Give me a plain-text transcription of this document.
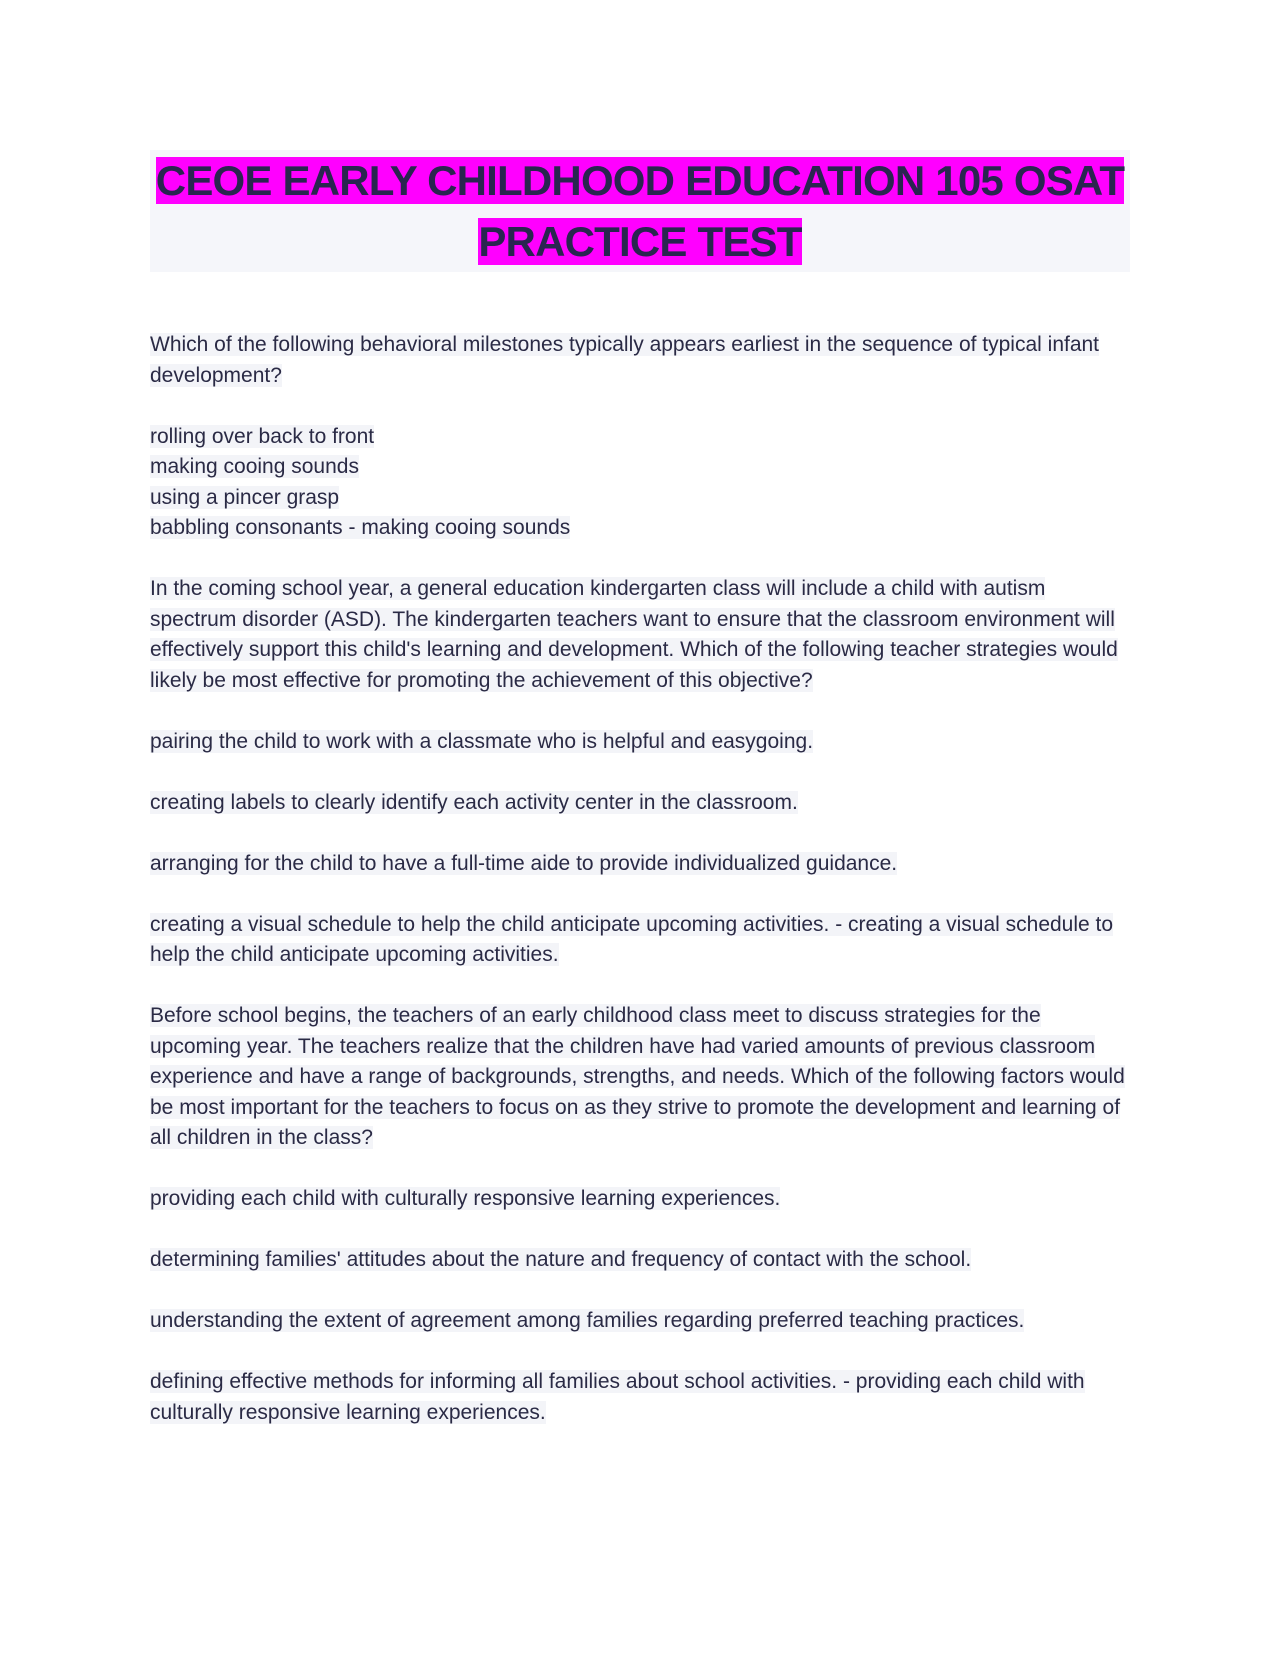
CEOE EARLY CHILDHOOD EDUCATION 105 OSAT PRACTICE TEST

Which of the following behavioral milestones typically appears earliest in the sequence of typical infant development?

rolling over back to front
making cooing sounds
using a pincer grasp
babbling consonants - making cooing sounds

In the coming school year, a general education kindergarten class will include a child with autism spectrum disorder (ASD). The kindergarten teachers want to ensure that the classroom environment will effectively support this child's learning and development. Which of the following teacher strategies would likely be most effective for promoting the achievement of this objective?

pairing the child to work with a classmate who is helpful and easygoing.

creating labels to clearly identify each activity center in the classroom.

arranging for the child to have a full-time aide to provide individualized guidance.

creating a visual schedule to help the child anticipate upcoming activities. - creating a visual schedule to help the child anticipate upcoming activities.

Before school begins, the teachers of an early childhood class meet to discuss strategies for the upcoming year. The teachers realize that the children have had varied amounts of previous classroom experience and have a range of backgrounds, strengths, and needs. Which of the following factors would be most important for the teachers to focus on as they strive to promote the development and learning of all children in the class?

providing each child with culturally responsive learning experiences.

determining families' attitudes about the nature and frequency of contact with the school.

understanding the extent of agreement among families regarding preferred teaching practices.

defining effective methods for informing all families about school activities. - providing each child with culturally responsive learning experiences.
